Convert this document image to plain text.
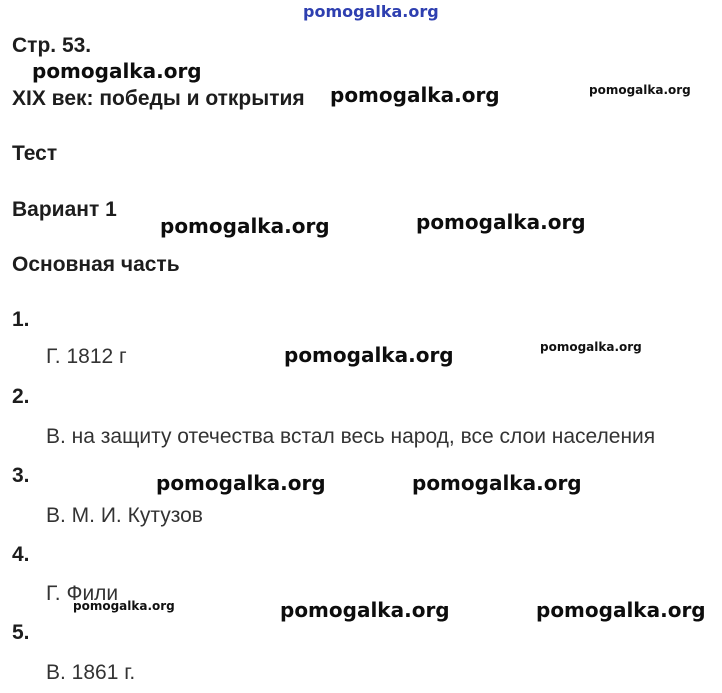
pomogalka.org
Стр. 53.
pomogalka.org
XIX век: победы и открытия pomogalka.org	pomogalka.org
Тест
Вариант 1
pomogalka.org	pomogalka.org
Основная часть
1.
Г. 1812 г	pomogalka.org	pomogalka.org
2.
В. на защиту отечества встал весь народ, все слои населения
3.	pomogalka.org	pomogalka.org
В. М. И. Кутузов
4.
Г. Фили
pomogalka.org	pomogalka.org	pomogalka.org
5.
В. 1861 г.
